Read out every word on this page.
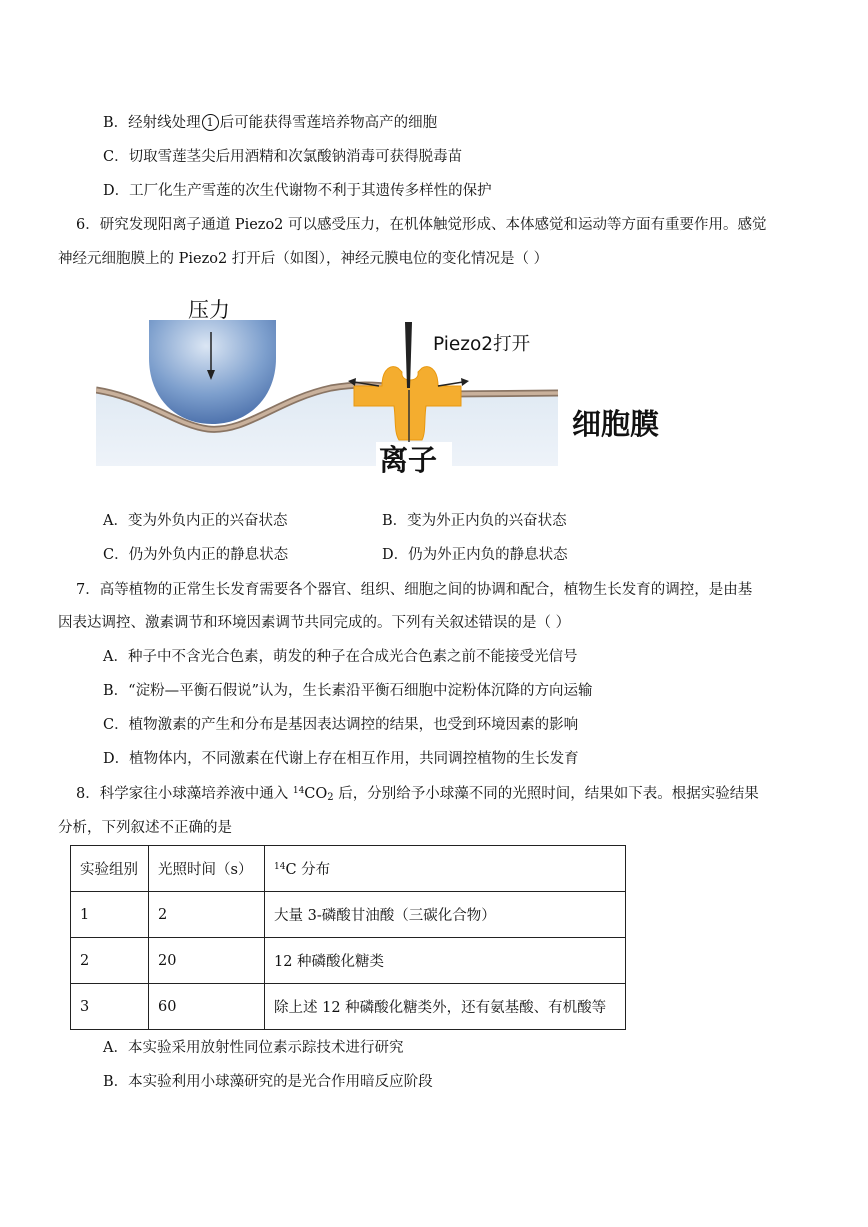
B．经射线处理 1 后可能获得雪莲培养物高产的细胞
C．切取雪莲茎尖后用酒精和次氯酸钠消毒可获得脱毒苗
D．工厂化生产雪莲的次生代谢物不利于其遗传多样性的保护
6．研究发现阳离子通道 Piezo2 可以感受压力，在机体触觉形成、本体感觉和运动等方面有重要作用。感觉
神经元细胞膜上的 Piezo2 打开后（如图），神经元膜电位的变化情况是（ ）
压力
Piezo2打开
细胞膜
离子
A．变为外负内正的兴奋状态	B．变为外正内负的兴奋状态
C．仍为外负内正的静息状态	D．仍为外正内负的静息状态
7．高等植物的正常生长发育需要各个器官、组织、细胞之间的协调和配合，植物生长发育的调控，是由基
因表达调控、激素调节和环境因素调节共同完成的。下列有关叙述错误的是（ ）
A．种子中不含光合色素，萌发的种子在合成光合色素之前不能接受光信号
B．“淀粉—平衡石假说”认为，生长素沿平衡石细胞中淀粉体沉降的方向运输
C．植物激素的产生和分布是基因表达调控的结果，也受到环境因素的影响
D．植物体内，不同激素在代谢上存在相互作用，共同调控植物的生长发育
8．科学家往小球藻培养液中通入 $^{14}CO_2$ 后，分别给予小球藻不同的光照时间，结果如下表。根据实验结果
分析，下列叙述不正确的是
实验组别	光照时间（s）	$^{14}$C 分布
1	2	大量 3-磷酸甘油酸（三碳化合物）
2	20	12 种磷酸化糖类
3	60	除上述 12 种磷酸化糖类外，还有氨基酸、有机酸等
A．本实验采用放射性同位素示踪技术进行研究
B．本实验利用小球藻研究的是光合作用暗反应阶段
